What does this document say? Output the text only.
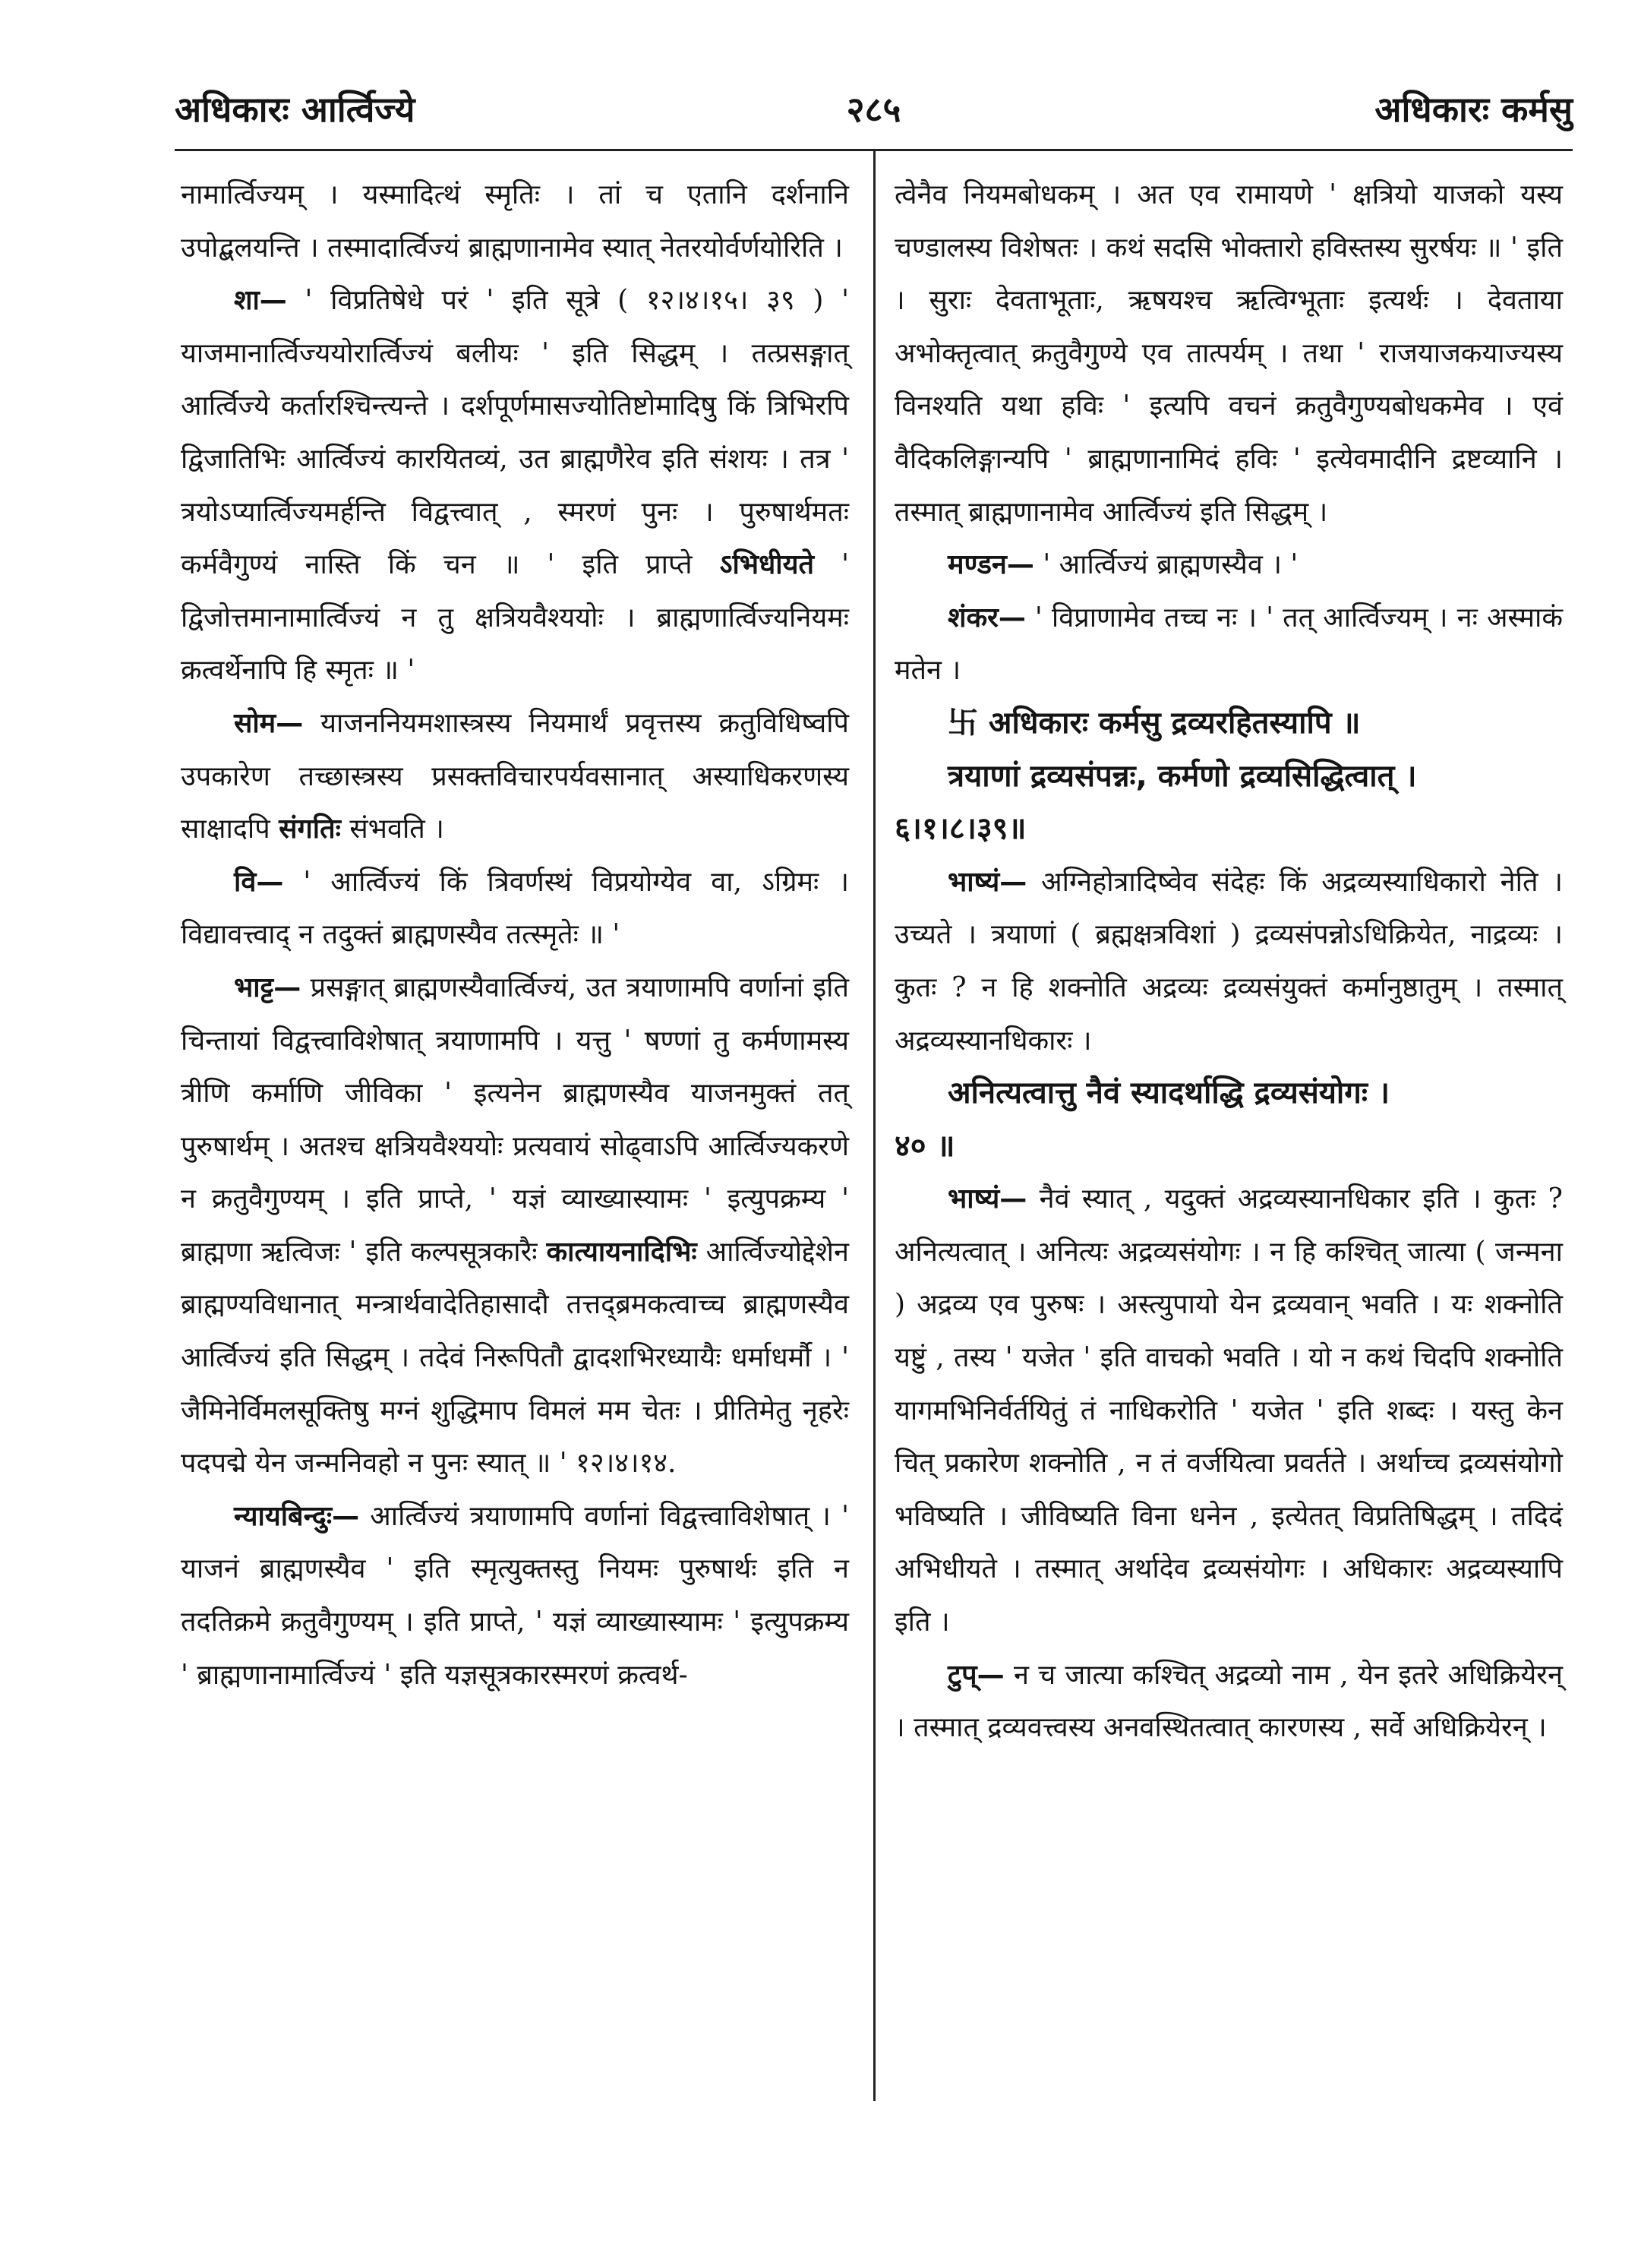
अधिकारः आर्त्विज्ये	२८५	अधिकारः कर्मसु

नामार्त्विज्यम् । यस्मादित्थं स्मृतिः । तां च एतानि दर्शनानि उपोद्बलयन्ति । तस्मादार्त्विज्यं ब्राह्मणानामेव स्यात् नेतरयोर्वर्णयोरिति ।

शा— ' विप्रतिषेधे परं ' इति सूत्रे ( १२।४।१५। ३९ ) ' याजमानार्त्विज्ययोरार्त्विज्यं बलीयः ' इति सिद्धम् । तत्प्रसङ्गात् आर्त्विज्ये कर्तारश्चिन्त्यन्ते । दर्शपूर्णमासज्योतिष्टोमादिषु किं त्रिभिरपि द्विजातिभिः आर्त्विज्यं कारयितव्यं, उत ब्राह्मणैरेव इति संशयः । तत्र ' त्रयोऽप्यार्त्विज्यमर्हन्ति विद्वत्त्वात् , स्मरणं पुनः । पुरुषार्थमतः कर्मवैगुण्यं नास्ति किं चन ॥ ' इति प्राप्ते ऽभिधीयते ' द्विजोत्तमानामार्त्विज्यं न तु क्षत्रियवैश्ययोः । ब्राह्मणार्त्विज्यनियमः क्रत्वर्थेनापि हि स्मृतः ॥ '

सोम— याजननियमशास्त्रस्य नियमार्थं प्रवृत्तस्य क्रतुविधिष्वपि उपकारेण तच्छास्त्रस्य प्रसक्तविचारपर्यवसानात् अस्याधिकरणस्य साक्षादपि संगतिः संभवति ।

वि— ' आर्त्विज्यं किं त्रिवर्णस्थं विप्रयोग्येव वा, ऽग्रिमः । विद्यावत्त्वाद् न तदुक्तं ब्राह्मणस्यैव तत्स्मृतेः ॥ '

भाट्ट— प्रसङ्गात् ब्राह्मणस्यैवार्त्विज्यं, उत त्रयाणामपि वर्णानां इति चिन्तायां विद्वत्त्वाविशेषात् त्रयाणामपि । यत्तु ' षण्णां तु कर्मणामस्य त्रीणि कर्माणि जीविका ' इत्यनेन ब्राह्मणस्यैव याजनमुक्तं तत् पुरुषार्थम् । अतश्च क्षत्रियवैश्ययोः प्रत्यवायं सोढ्वाऽपि आर्त्विज्यकरणे न क्रतुवैगुण्यम् । इति प्राप्ते, ' यज्ञं व्याख्यास्यामः ' इत्युपक्रम्य ' ब्राह्मणा ऋत्विजः ' इति कल्पसूत्रकारैः कात्यायनादिभिः आर्त्विज्योद्देशेन ब्राह्मण्यविधानात् मन्त्रार्थवादेतिहासादौ तत्तद्ब्रमकत्वाच्च ब्राह्मणस्यैव आर्त्विज्यं इति सिद्धम् । तदेवं निरूपितौ द्वादशभिरध्यायैः धर्माधर्मौ । ' जैमिनेर्विमलसूक्तिषु मग्नं शुद्धिमाप विमलं मम चेतः । प्रीतिमेतु नृहरेः पदपद्मे येन जन्मनिवहो न पुनः स्यात् ॥ ' १२।४।१४.

न्यायबिन्दुः— आर्त्विज्यं त्रयाणामपि वर्णानां विद्वत्त्वाविशेषात् । ' याजनं ब्राह्मणस्यैव ' इति स्मृत्युक्तस्तु नियमः पुरुषार्थः इति न तदतिक्रमे क्रतुवैगुण्यम् । इति प्राप्ते, ' यज्ञं व्याख्यास्यामः ' इत्युपक्रम्य ' ब्राह्मणानामार्त्विज्यं ' इति यज्ञसूत्रकारस्मरणं क्रत्वर्थ-

त्वेनैव नियमबोधकम् । अत एव रामायणे ' क्षत्रियो याजको यस्य चण्डालस्य विशेषतः । कथं सदसि भोक्तारो हविस्तस्य सुरर्षयः ॥ ' इति । सुराः देवताभूताः, ऋषयश्च ऋत्विग्भूताः इत्यर्थः । देवताया अभोक्तृत्वात् क्रतुवैगुण्ये एव तात्पर्यम् । तथा ' राजयाजकयाज्यस्य विनश्यति यथा हविः ' इत्यपि वचनं क्रतुवैगुण्यबोधकमेव । एवं वैदिकलिङ्गान्यपि ' ब्राह्मणानामिदं हविः ' इत्येवमादीनि द्रष्टव्यानि । तस्मात् ब्राह्मणानामेव आर्त्विज्यं इति सिद्धम् ।

मण्डन— ' आर्त्विज्यं ब्राह्मणस्यैव । '

शंकर— ' विप्राणामेव तच्च नः । ' तत् आर्त्विज्यम् । नः अस्माकं मतेन ।

卐 अधिकारः कर्मसु द्रव्यरहितस्यापि ॥

त्रयाणां द्रव्यसंपन्नः, कर्मणो द्रव्यसिद्धित्वात् ।

६।१।८।३९॥

भाष्यं— अग्निहोत्रादिष्वेव संदेहः किं अद्रव्यस्याधिकारो नेति । उच्यते । त्रयाणां ( ब्रह्मक्षत्रविशां ) द्रव्यसंपन्नोऽधिक्रियेत, नाद्रव्यः । कुतः ? न हि शक्नोति अद्रव्यः द्रव्यसंयुक्तं कर्मानुष्ठातुम् । तस्मात् अद्रव्यस्यानधिकारः ।

अनित्यत्वात्तु नैवं स्यादर्थाद्धि द्रव्यसंयोगः ।

४० ॥

भाष्यं— नैवं स्यात् , यदुक्तं अद्रव्यस्यानधिकार इति । कुतः ? अनित्यत्वात् । अनित्यः अद्रव्यसंयोगः । न हि कश्चित् जात्या ( जन्मना ) अद्रव्य एव पुरुषः । अस्त्युपायो येन द्रव्यवान् भवति । यः शक्नोति यष्टुं , तस्य ' यजेत ' इति वाचको भवति । यो न कथं चिदपि शक्नोति यागमभिनिर्वर्तयितुं तं नाधिकरोति ' यजेत ' इति शब्दः । यस्तु केन चित् प्रकारेण शक्नोति , न तं वर्जयित्वा प्रवर्तते । अर्थाच्च द्रव्यसंयोगो भविष्यति । जीविष्यति विना धनेन , इत्येतत् विप्रतिषिद्धम् । तदिदं अभिधीयते । तस्मात् अर्थादेव द्रव्यसंयोगः । अधिकारः अद्रव्यस्यापि इति ।

टुप्— न च जात्या कश्चित् अद्रव्यो नाम , येन इतरे अधिक्रियेरन् । तस्मात् द्रव्यवत्त्वस्य अनवस्थितत्वात् कारणस्य , सर्वे अधिक्रियेरन् ।
